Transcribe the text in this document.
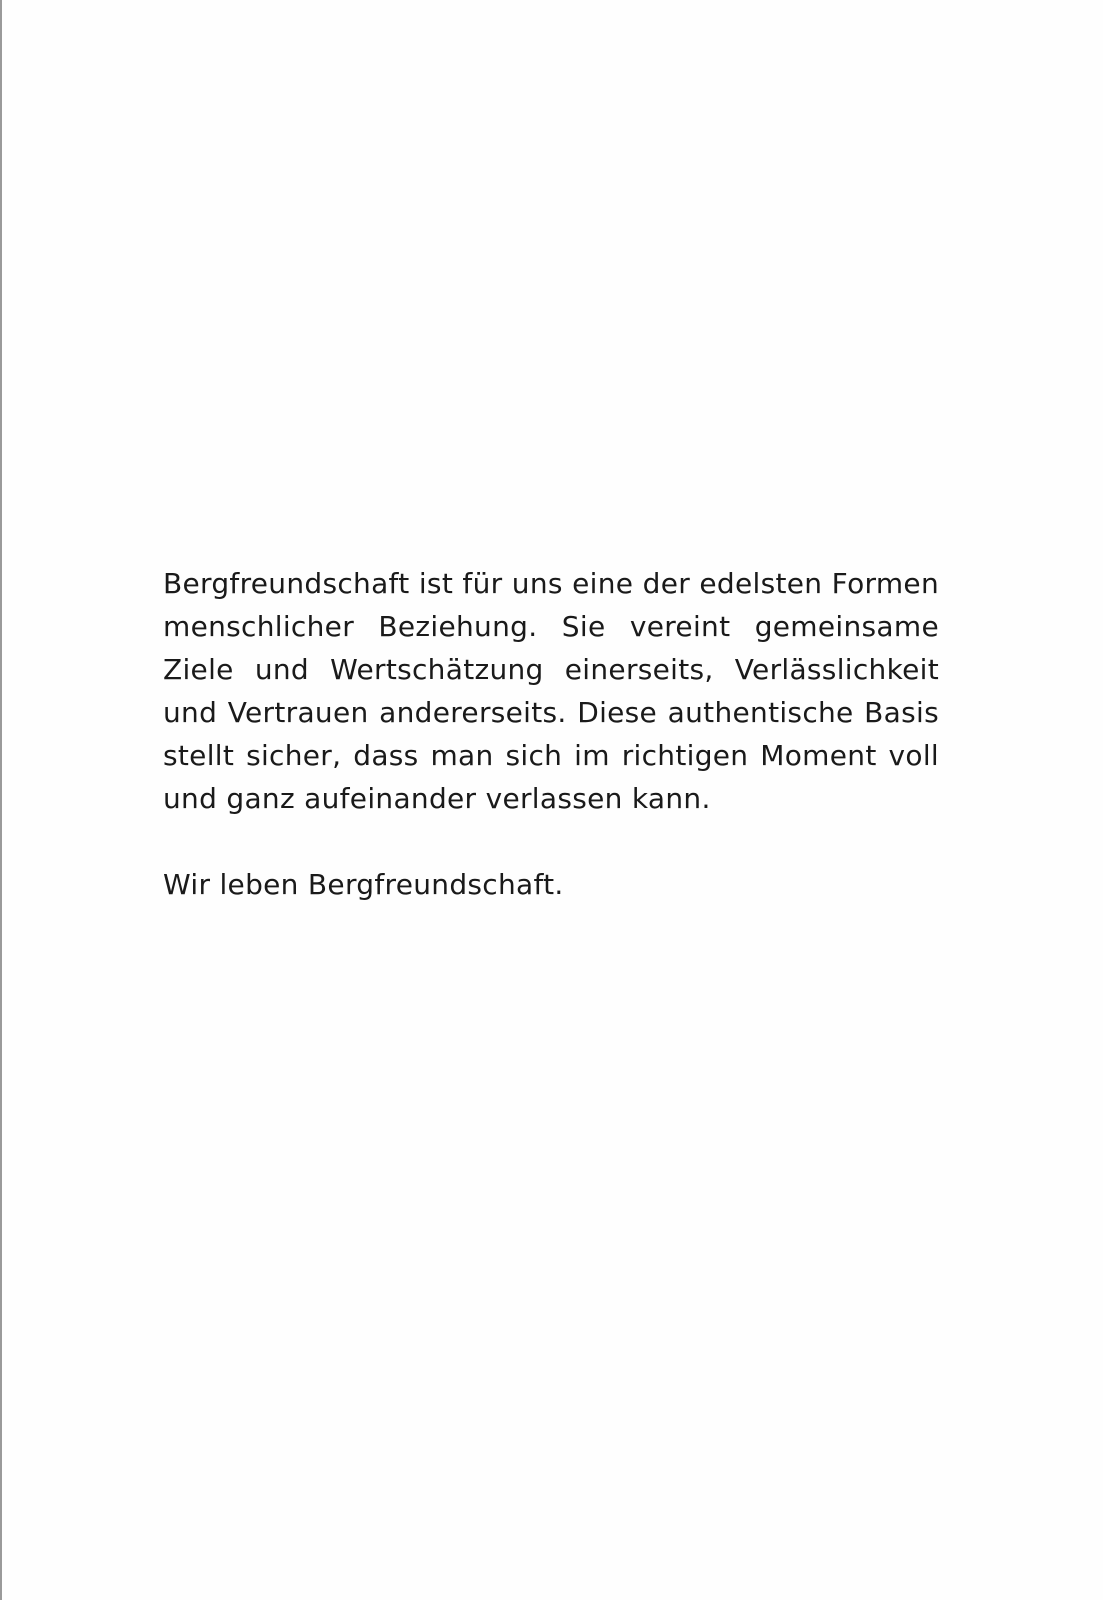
Bergfreundschaft ist für uns eine der edelsten Formen
menschlicher Beziehung. Sie vereint gemeinsame
Ziele und Wertschätzung einerseits, Verlässlichkeit
und Vertrauen andererseits. Diese authentische Basis
stellt sicher, dass man sich im richtigen Moment voll
und ganz aufeinander verlassen kann.
Wir leben Bergfreundschaft.
